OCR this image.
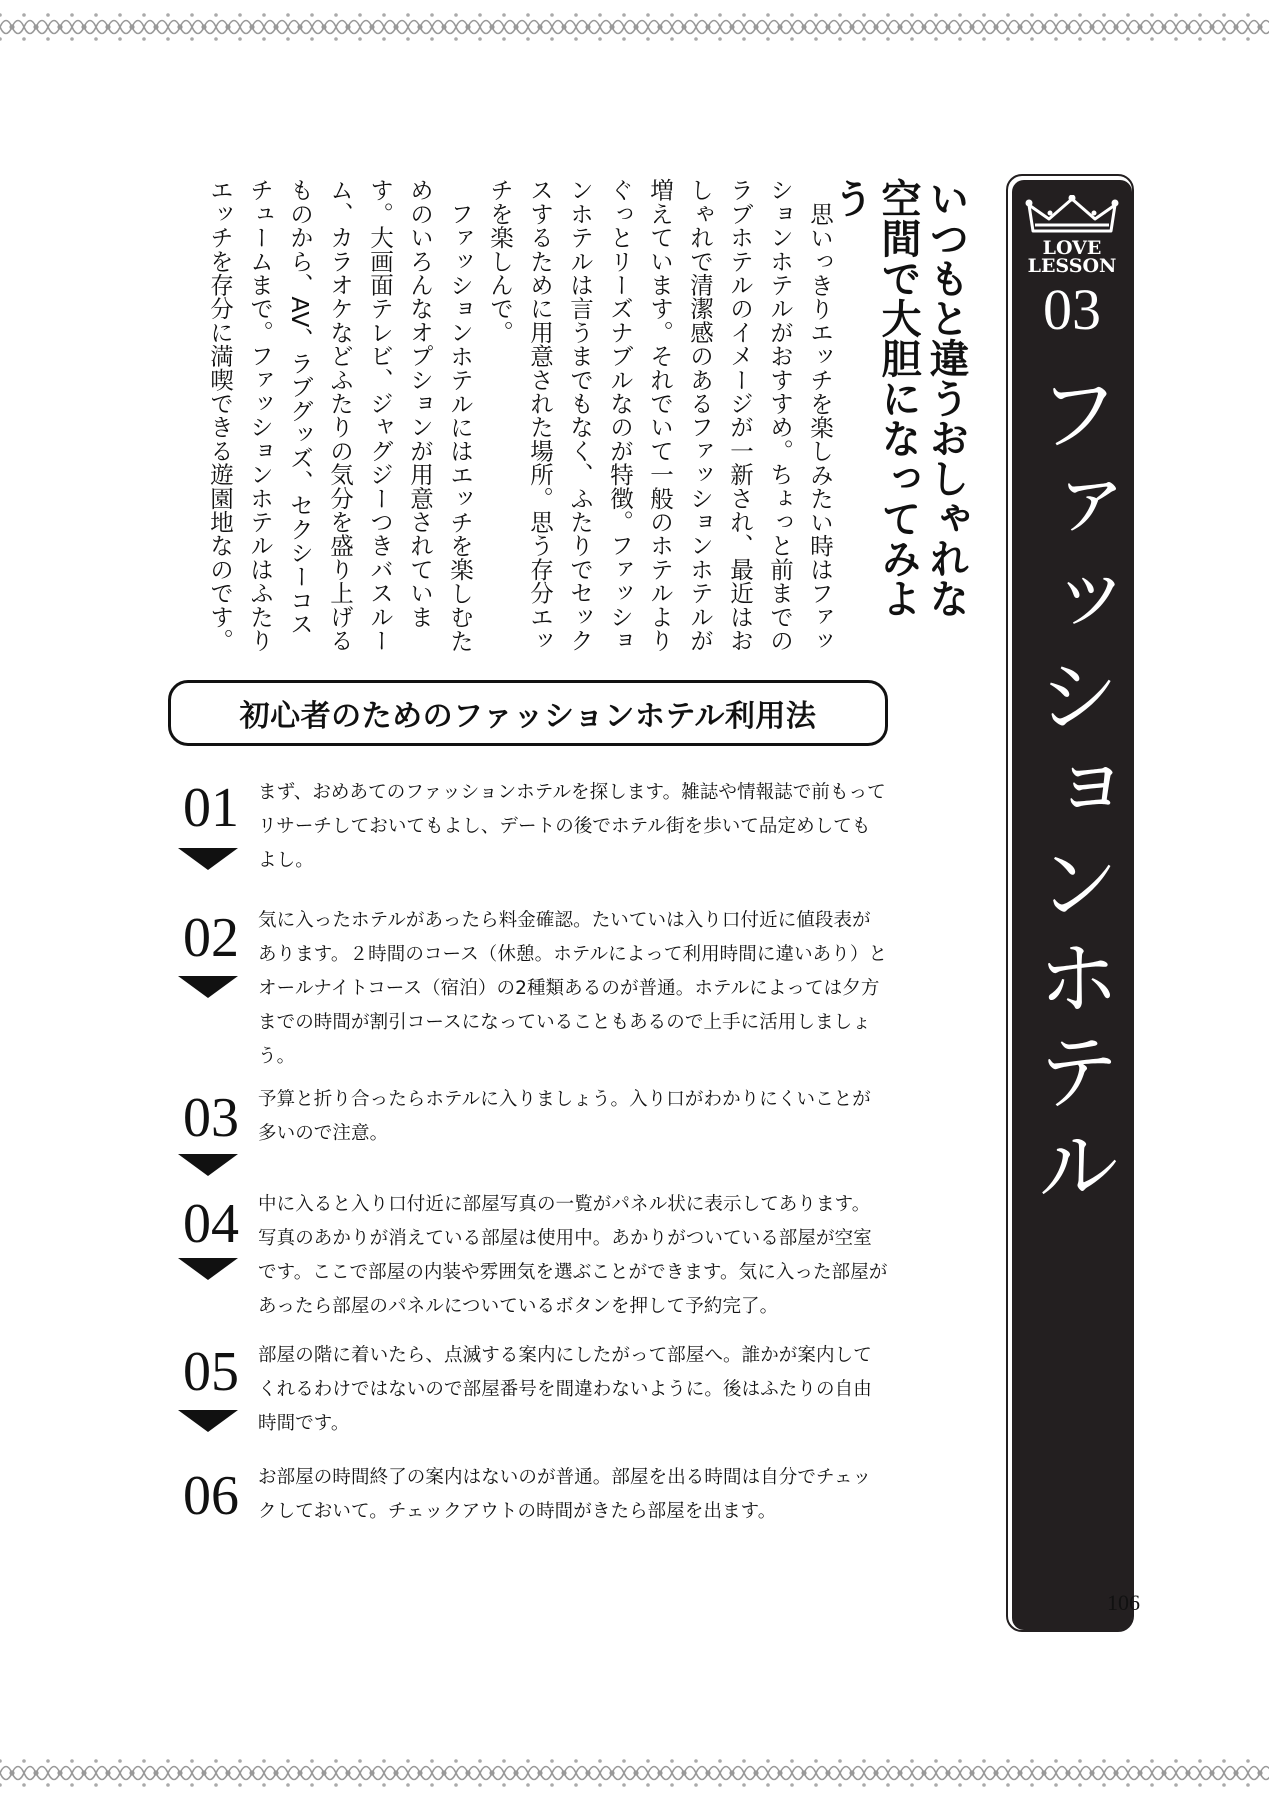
LOVE
LESSON
03
ファッションホテル
いつもと違うおしゃれな
空間で大胆になってみよう

思いっきりエッチを楽しみたい時はファッションホテルがおすすめ。ちょっと前までのラブホテルのイメージが一新され、最近はおしゃれで清潔感のあるファッションホテルが増えています。それでいて一般のホテルよりぐっとリーズナブルなのが特徴。ファッションホテルは言うまでもなく、ふたりでセックスするために用意された場所。思う存分エッチを楽しんで。

ファッションホテルにはエッチを楽しむためのいろんなオプションが用意されています。大画面テレビ、ジャグジーつきバスルーム、カラオケなどふたりの気分を盛り上げるものから、AV、ラブグッズ、セクシーコスチュームまで。ファッションホテルはふたりエッチを存分に満喫できる遊園地なのです。

初心者のためのファッションホテル利用法
01	まず、おめあてのファッションホテルを探します。雑誌や情報誌で前もってリサーチしておいてもよし、デートの後でホテル街を歩いて品定めしてもよし。
02	気に入ったホテルがあったら料金確認。たいていは入り口付近に値段表があります。２時間のコース（休憩。ホテルによって利用時間に違いあり）とオールナイトコース（宿泊）の2種類あるのが普通。ホテルによっては夕方までの時間が割引コースになっていることもあるので上手に活用しましょう。
03	予算と折り合ったらホテルに入りましょう。入り口がわかりにくいことが多いので注意。
04	中に入ると入り口付近に部屋写真の一覧がパネル状に表示してあります。写真のあかりが消えている部屋は使用中。あかりがついている部屋が空室です。ここで部屋の内装や雰囲気を選ぶことができます。気に入った部屋があったら部屋のパネルについているボタンを押して予約完了。
05	部屋の階に着いたら、点滅する案内にしたがって部屋へ。誰かが案内してくれるわけではないので部屋番号を間違わないように。後はふたりの自由時間です。
06	お部屋の時間終了の案内はないのが普通。部屋を出る時間は自分でチェックしておいて。チェックアウトの時間がきたら部屋を出ます。
106
